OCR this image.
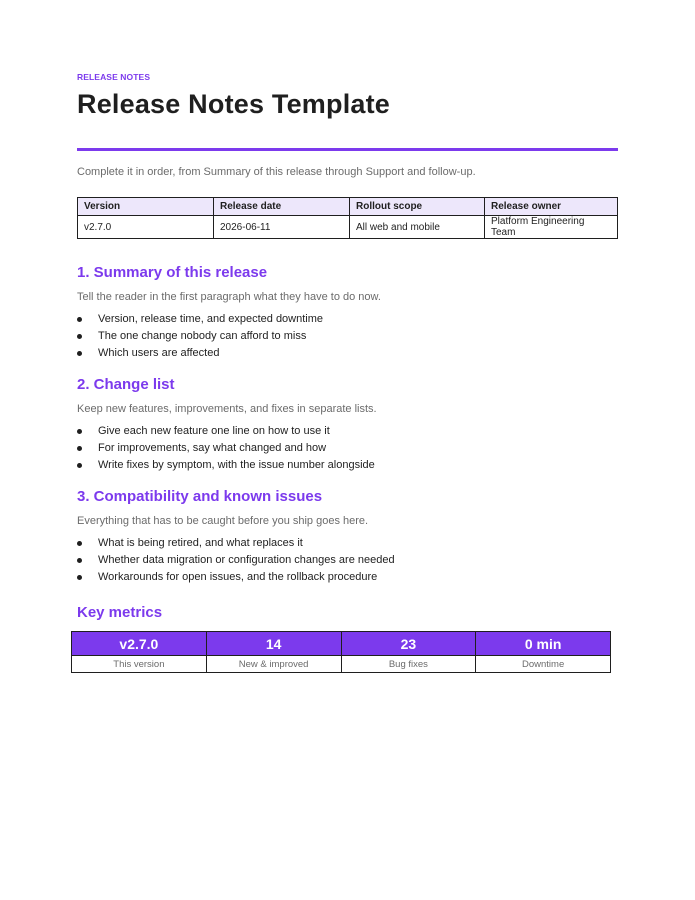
RELEASE NOTES
Release Notes Template
Complete it in order, from Summary of this release through Support and follow-up.
Version	Release date	Rollout scope	Release owner
v2.7.0	2026-06-11	All web and mobile	Platform Engineering Team
1. Summary of this release
Tell the reader in the first paragraph what they have to do now.
Version, release time, and expected downtime
The one change nobody can afford to miss
Which users are affected
2. Change list
Keep new features, improvements, and fixes in separate lists.
Give each new feature one line on how to use it
For improvements, say what changed and how
Write fixes by symptom, with the issue number alongside
3. Compatibility and known issues
Everything that has to be caught before you ship goes here.
What is being retired, and what replaces it
Whether data migration or configuration changes are needed
Workarounds for open issues, and the rollback procedure
Key metrics
v2.7.0	14	23	0 min
This version	New & improved	Bug fixes	Downtime
